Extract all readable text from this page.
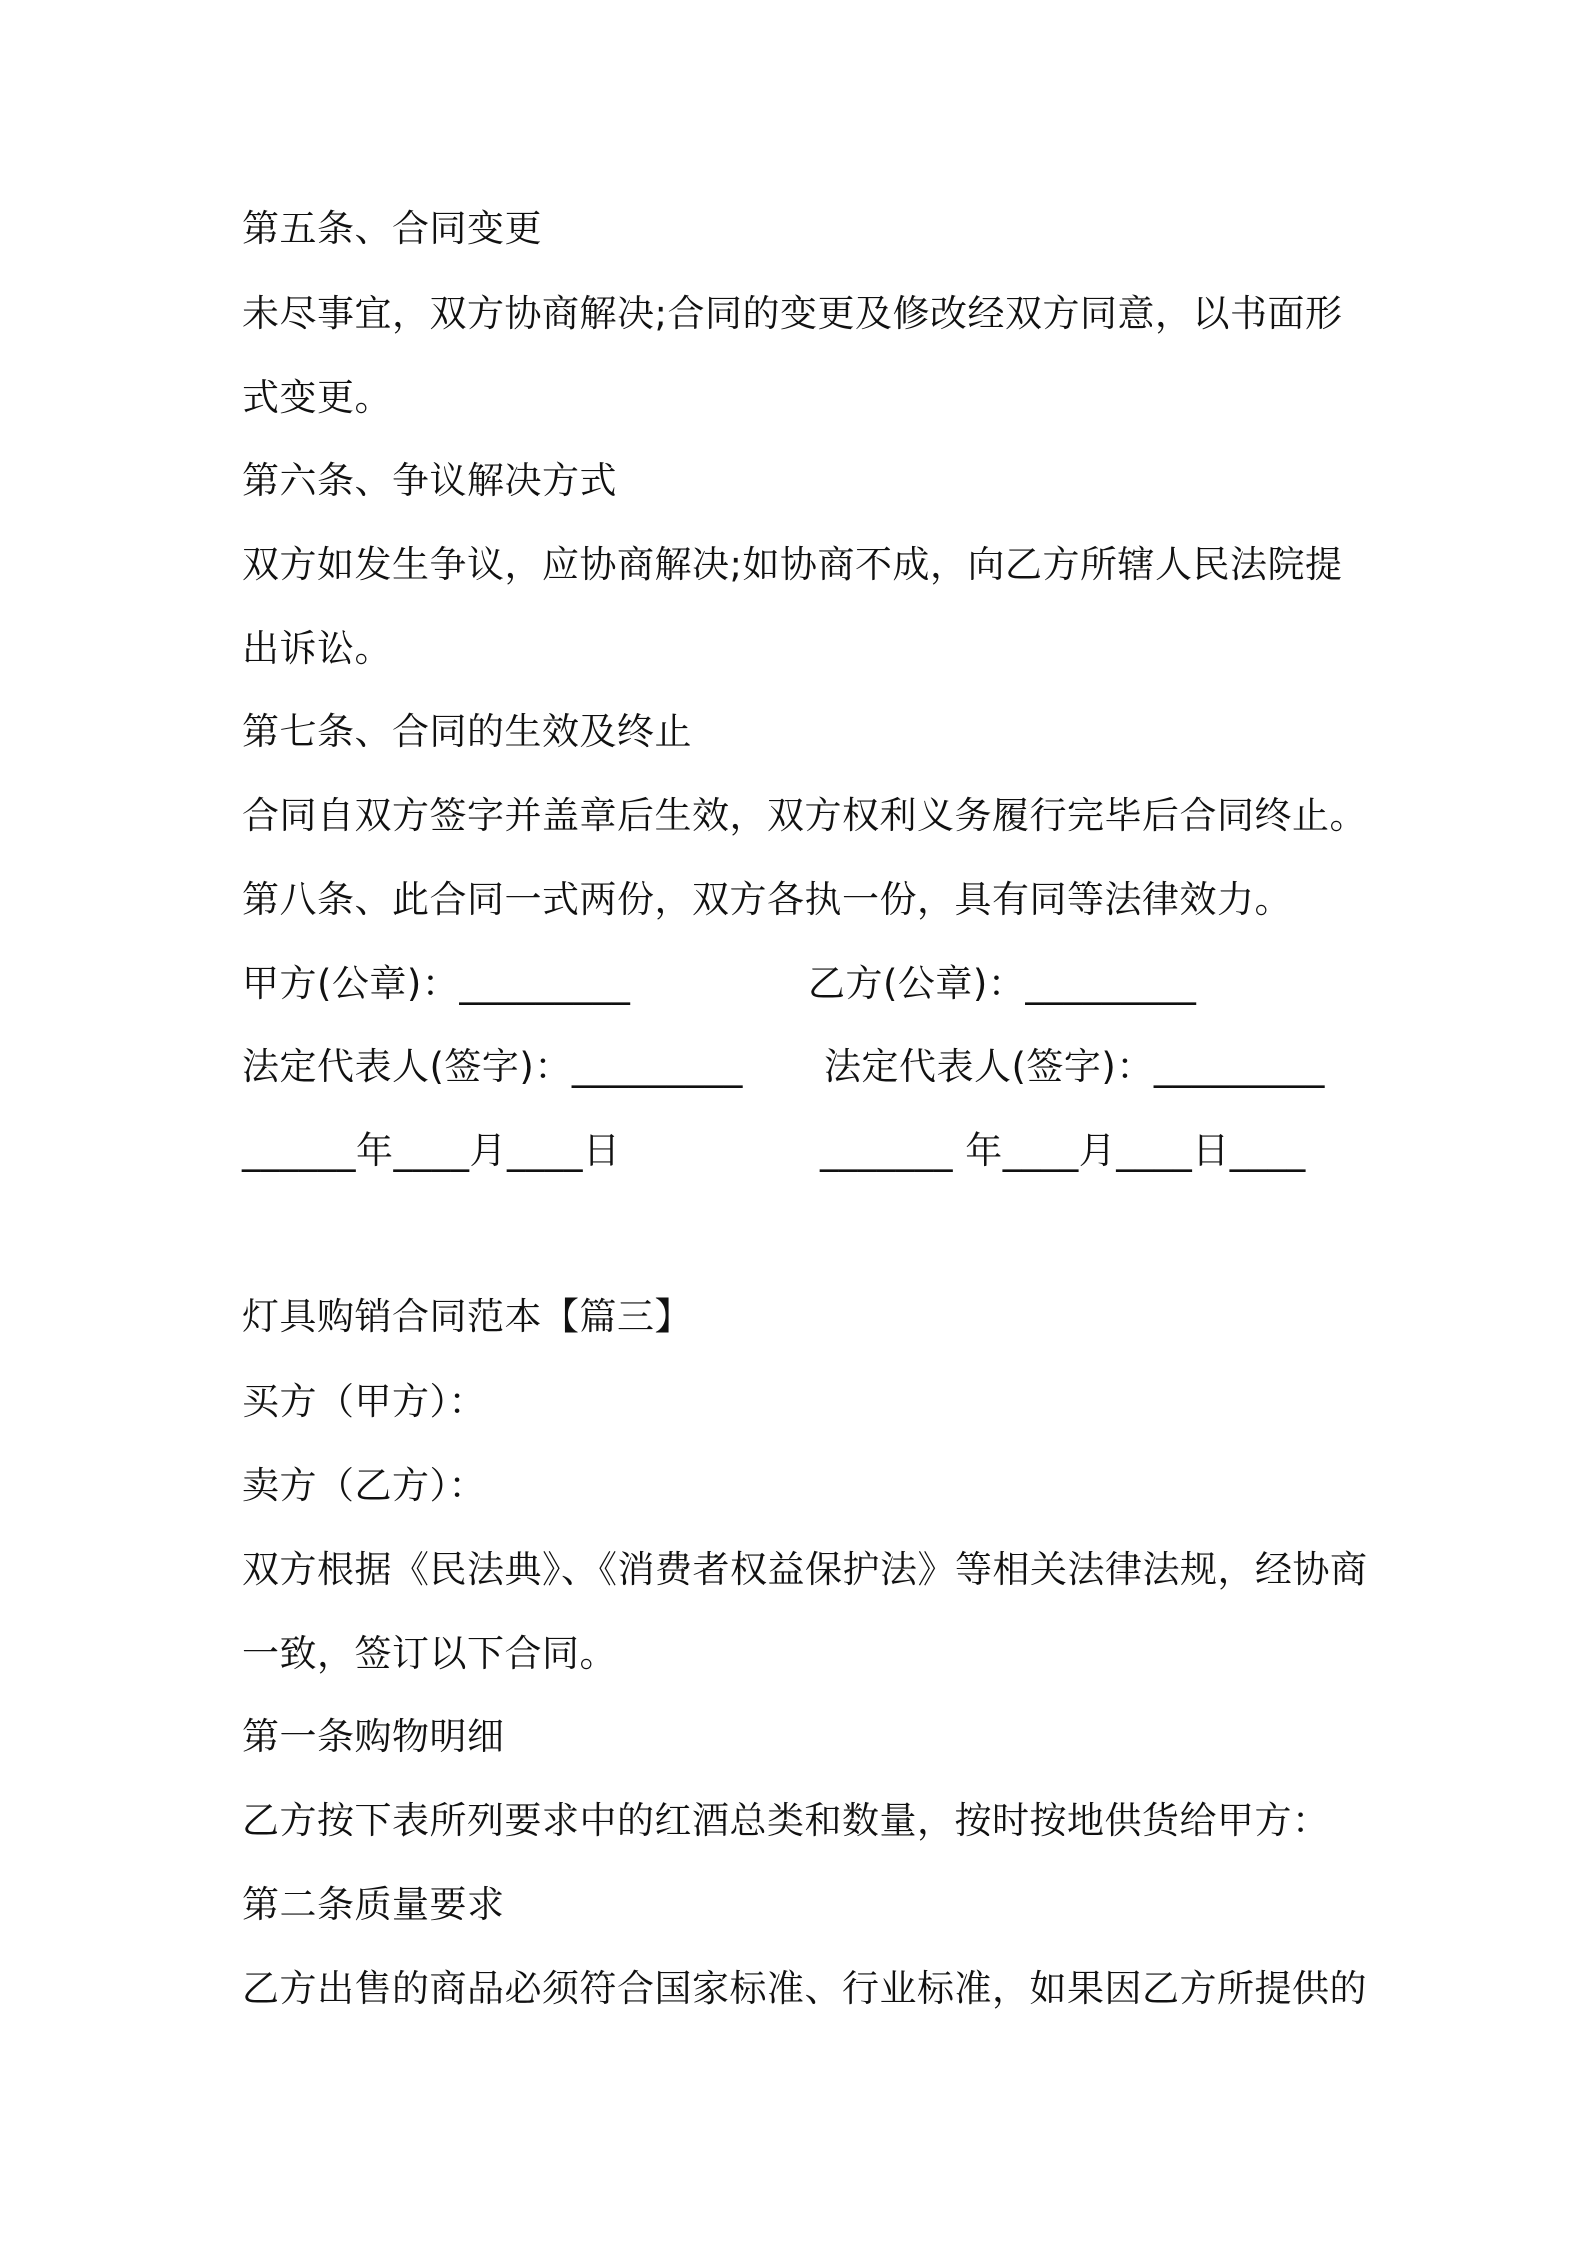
第五条、合同变更
未尽事宜，双方协商解决;合同的变更及修改经双方同意，以书面形
式变更。
第六条、争议解决方式
双方如发生争议，应协商解决;如协商不成，向乙方所辖人民法院提
出诉讼。
第七条、合同的生效及终止
合同自双方签字并盖章后生效，双方权利义务履行完毕后合同终止。
第八条、此合同一式两份，双方各执一份，具有同等法律效力。
甲方(公章)：_________	乙方(公章)：_________
法定代表人(签字)：_________ 法定代表人(签字)：_________
______年____月____日	_______ 年____月____日____
灯具购销合同范本【篇三】
买方（甲方）：
卖方（乙方）：
双方根据《民法典》、《消费者权益保护法》等相关法律法规，经协商
一致，签订以下合同。
第一条购物明细
乙方按下表所列要求中的红酒总类和数量，按时按地供货给甲方：
第二条质量要求
乙方出售的商品必须符合国家标准、行业标准，如果因乙方所提供的
